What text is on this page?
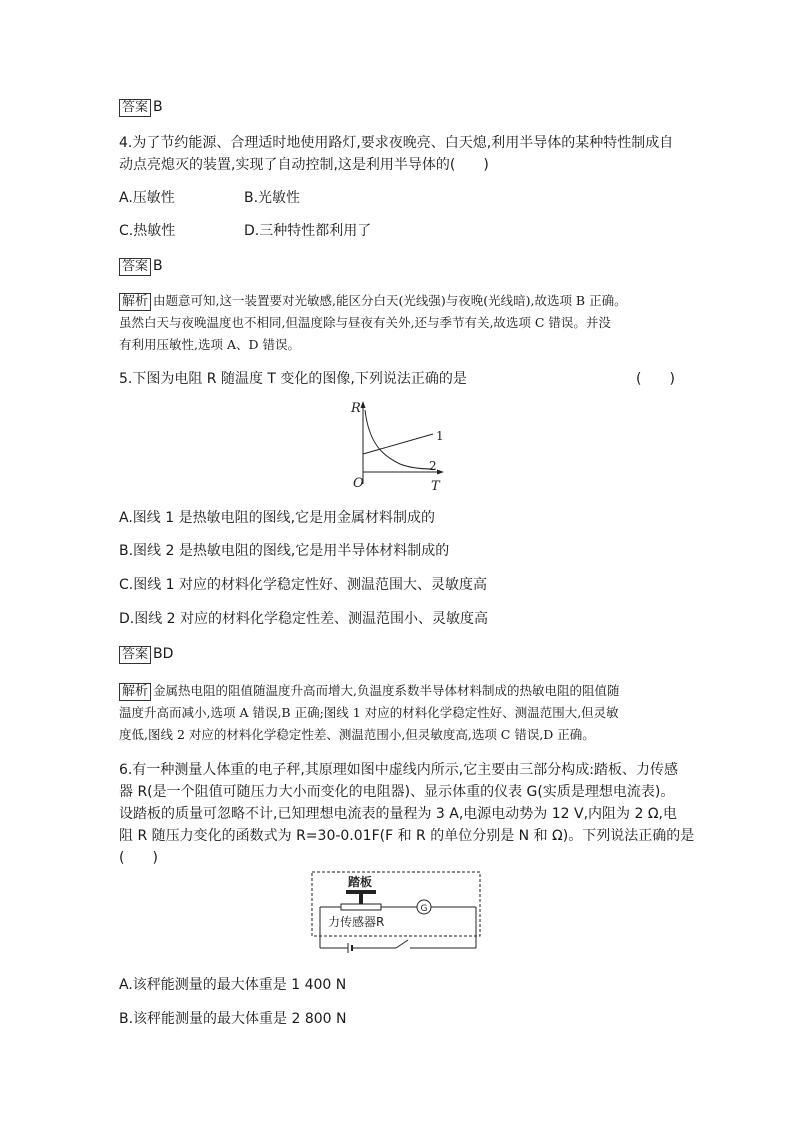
答案 B
4.为了节约能源、合理适时地使用路灯,要求夜晚亮、白天熄,利用半导体的某种特性制成自
动点亮熄灭的装置,实现了自动控制,这是利用半导体的(　　)
A.压敏性	B.光敏性
C.热敏性	D.三种特性都利用了
答案 B
解析 由题意可知,这一装置要对光敏感,能区分白天(光线强)与夜晚(光线暗),故选项 B 正确。
虽然白天与夜晚温度也不相同,但温度除与昼夜有关外,还与季节有关,故选项 C 错误。并没
有利用压敏性,选项 A、D 错误。
5.下图为电阻 R 随温度 T 变化的图像,下列说法正确的是	(　　)
R
T
O
1
2
A.图线 1 是热敏电阻的图线,它是用金属材料制成的
B.图线 2 是热敏电阻的图线,它是用半导体材料制成的
C.图线 1 对应的材料化学稳定性好、测温范围大、灵敏度高
D.图线 2 对应的材料化学稳定性差、测温范围小、灵敏度高
答案 BD
解析 金属热电阻的阻值随温度升高而增大,负温度系数半导体材料制成的热敏电阻的阻值随
温度升高而减小,选项 A 错误,B 正确;图线 1 对应的材料化学稳定性好、测温范围大,但灵敏
度低,图线 2 对应的材料化学稳定性差、测温范围小,但灵敏度高,选项 C 错误,D 正确。
6.有一种测量人体重的电子秤,其原理如图中虚线内所示,它主要由三部分构成:踏板、力传感
器 R(是一个阻值可随压力大小而变化的电阻器)、显示体重的仪表 G(实质是理想电流表)。
设踏板的质量可忽略不计,已知理想电流表的量程为 3 A,电源电动势为 12 V,内阻为 2 Ω,电
阻 R 随压力变化的函数式为 R=30-0.01F(F 和 R 的单位分别是 N 和 Ω)。下列说法正确的是
(　　)
踏板
G
力传感器R
A.该秤能测量的最大体重是 1 400 N
B.该秤能测量的最大体重是 2 800 N
